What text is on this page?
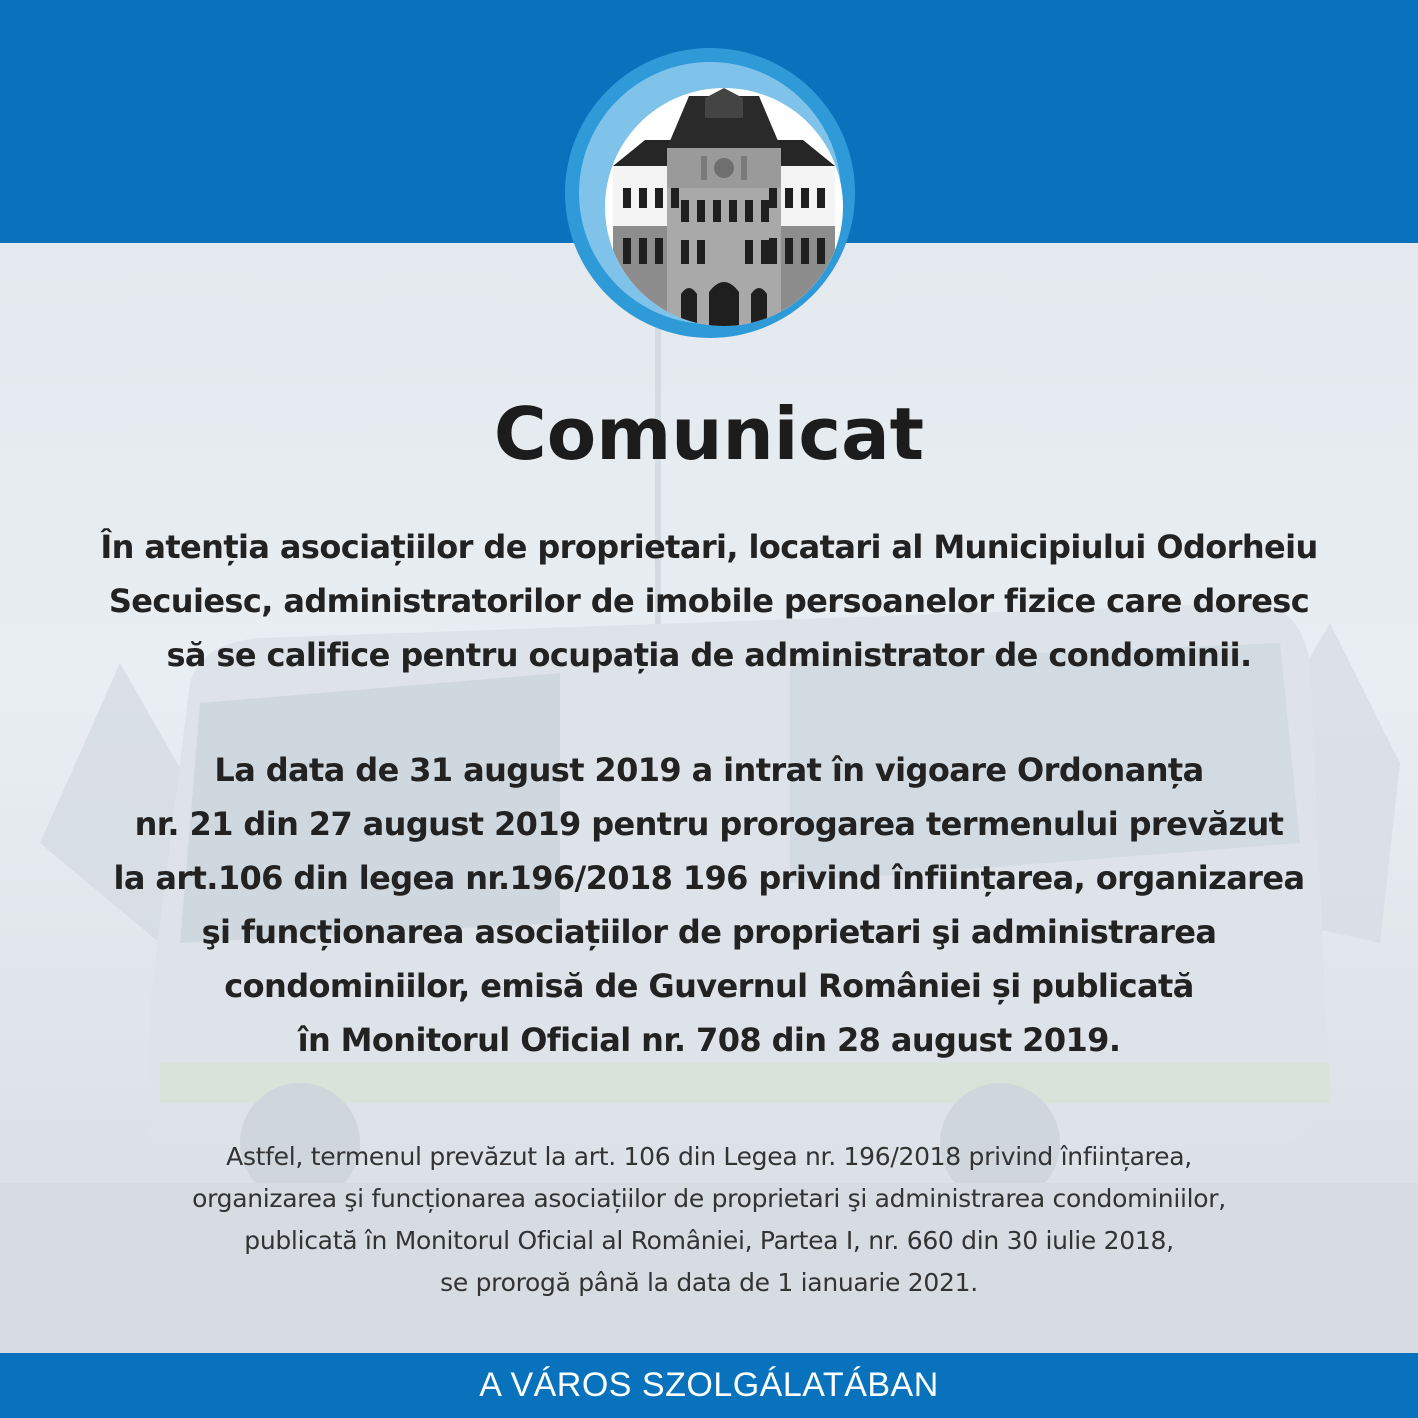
Comunicat

În atenția asociațiilor de proprietari, locatari al Municipiului Odorheiu
Secuiesc, administratorilor de imobile persoanelor fizice care doresc
să se califice pentru ocupația de administrator de condominii.

La data de 31 august 2019 a intrat în vigoare Ordonanța
nr. 21 din 27 august 2019 pentru prorogarea termenului prevăzut
la art.106 din legea nr.196/2018 196 privind înființarea, organizarea
şi funcționarea asociațiilor de proprietari şi administrarea
condominiilor, emisă de Guvernul României și publicată
în Monitorul Oficial nr. 708 din 28 august 2019.

Astfel, termenul prevăzut la art. 106 din Legea nr. 196/2018 privind înființarea,
organizarea şi funcționarea asociațiilor de proprietari şi administrarea condominiilor,
publicată în Monitorul Oficial al României, Partea I, nr. 660 din 30 iulie 2018,
se prorogă până la data de 1 ianuarie 2021.

A VÁROS SZOLGÁLATÁBAN
